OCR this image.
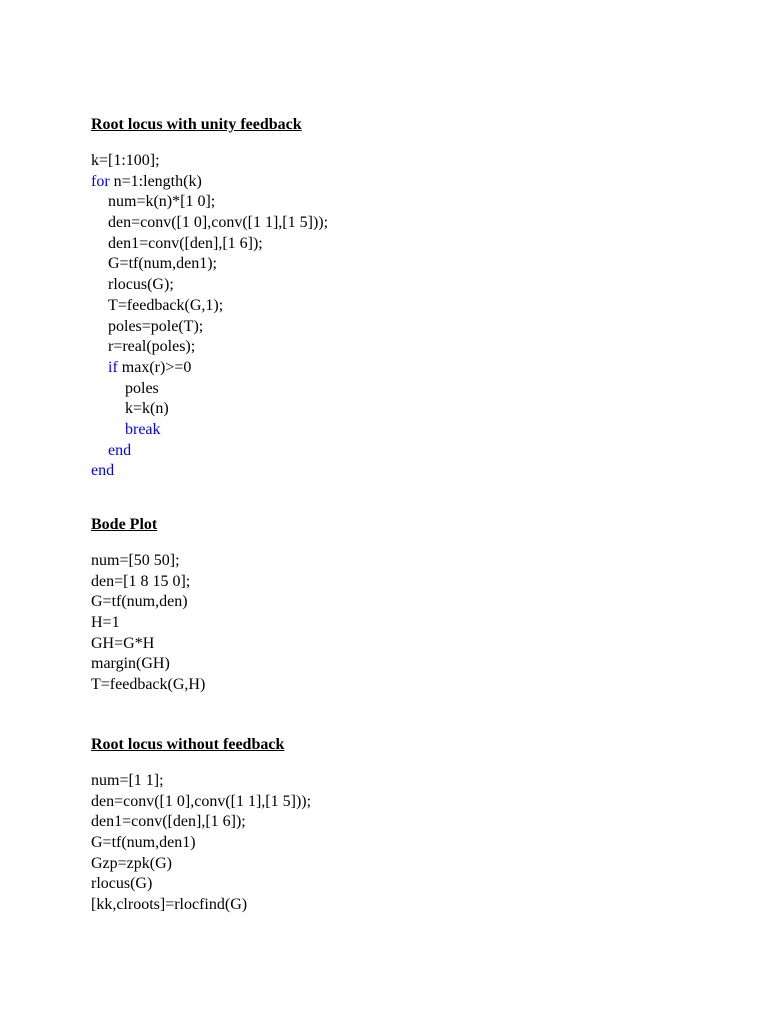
Root locus with unity feedback
k=[1:100];
for n=1:length(k)
num=k(n)*[1 0];
den=conv([1 0],conv([1 1],[1 5]));
den1=conv([den],[1 6]);
G=tf(num,den1);
rlocus(G);
T=feedback(G,1);
poles=pole(T);
r=real(poles);
if max(r)>=0
poles
k=k(n)
break
end
end
Bode Plot
num=[50 50];
den=[1 8 15 0];
G=tf(num,den)
H=1
GH=G*H
margin(GH)
T=feedback(G,H)
Root locus without feedback
num=[1 1];
den=conv([1 0],conv([1 1],[1 5]));
den1=conv([den],[1 6]);
G=tf(num,den1)
Gzp=zpk(G)
rlocus(G)
[kk,clroots]=rlocfind(G)
